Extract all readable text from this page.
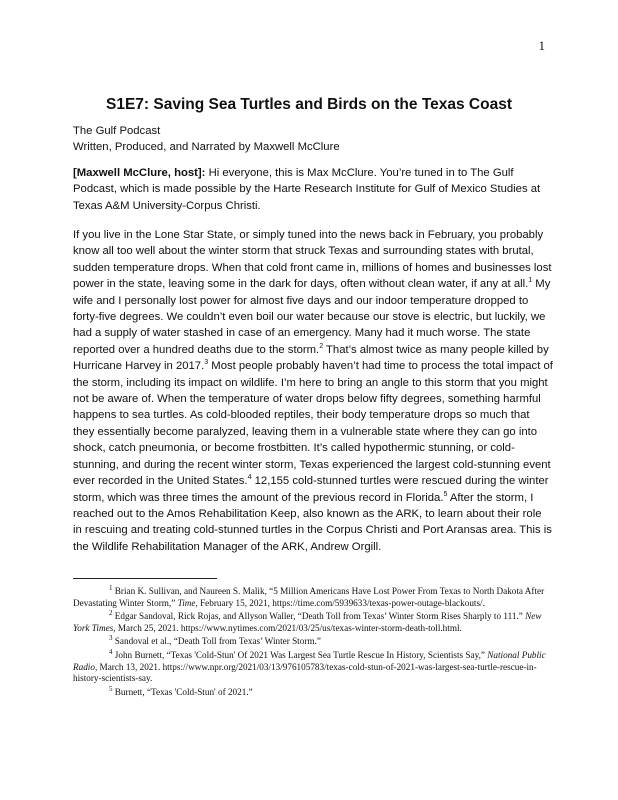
1
S1E7: Saving Sea Turtles and Birds on the Texas Coast
The Gulf Podcast
Written, Produced, and Narrated by Maxwell McClure

[Maxwell McClure, host]: Hi everyone, this is Max McClure. You’re tuned in to The Gulf Podcast, which is made possible by the Harte Research Institute for Gulf of Mexico Studies at Texas A&M University-Corpus Christi.

If you live in the Lone Star State, or simply tuned into the news back in February, you probably know all too well about the winter storm that struck Texas and surrounding states with brutal, sudden temperature drops. When that cold front came in, millions of homes and businesses lost power in the state, leaving some in the dark for days, often without clean water, if any at all.$^1$ My wife and I personally lost power for almost five days and our indoor temperature dropped to forty-five degrees. We couldn’t even boil our water because our stove is electric, but luckily, we had a supply of water stashed in case of an emergency. Many had it much worse. The state reported over a hundred deaths due to the storm.$^2$ That’s almost twice as many people killed by Hurricane Harvey in 2017.$^3$ Most people probably haven’t had time to process the total impact of the storm, including its impact on wildlife. I’m here to bring an angle to this storm that you might not be aware of. When the temperature of water drops below fifty degrees, something harmful happens to sea turtles. As cold-blooded reptiles, their body temperature drops so much that they essentially become paralyzed, leaving them in a vulnerable state where they can go into shock, catch pneumonia, or become frostbitten. It’s called hypothermic stunning, or cold-stunning, and during the recent winter storm, Texas experienced the largest cold-stunning event ever recorded in the United States.$^4$ 12,155 cold-stunned turtles were rescued during the winter storm, which was three times the amount of the previous record in Florida.$^5$ After the storm, I reached out to the Amos Rehabilitation Keep, also known as the ARK, to learn about their role in rescuing and treating cold-stunned turtles in the Corpus Christi and Port Aransas area. This is the Wildlife Rehabilitation Manager of the ARK, Andrew Orgill.

$^1$ Brian K. Sullivan, and Naureen S. Malik, “5 Million Americans Have Lost Power From Texas to North Dakota After Devastating Winter Storm,” Time, February 15, 2021, https://time.com/5939633/texas-power-outage-blackouts/.

$^2$ Edgar Sandoval, Rick Rojas, and Allyson Waller, “Death Toll from Texas’ Winter Storm Rises Sharply to 111.” New York Times, March 25, 2021. https://www.nytimes.com/2021/03/25/us/texas-winter-storm-death-toll.html.

$^3$ Sandoval et al., “Death Toll from Texas’ Winter Storm.”

$^4$ John Burnett, “Texas 'Cold-Stun' Of 2021 Was Largest Sea Turtle Rescue In History, Scientists Say,” National Public Radio, March 13, 2021. https://www.npr.org/2021/03/13/976105783/texas-cold-stun-of-2021-was-largest-sea-turtle-rescue-in-history-scientists-say.

$^5$ Burnett, “Texas 'Cold-Stun' of 2021.”
